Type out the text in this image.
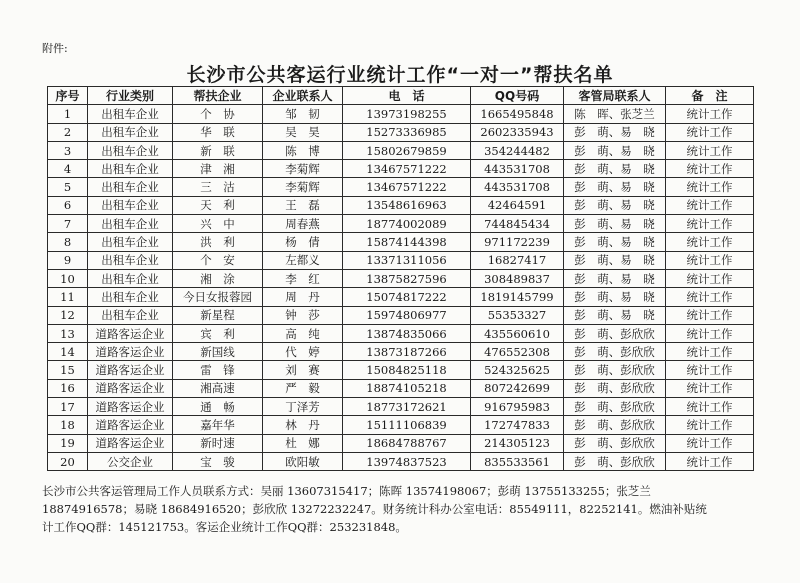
附件:
长沙市公共客运行业统计工作“一对一”帮扶名单
序号	行业类别	帮扶企业	企业联系人	电　话	QQ号码	客管局联系人	备　注
1	出租车企业	个　协	邹　韧	13973198255	1665495848	陈　晖、张芝兰	统计工作
2	出租车企业	华　联	吴　昊	15273336985	2602335943	彭　萌、易　晓	统计工作
3	出租车企业	新　联	陈　博	15802679859	354244482	彭　萌、易　晓	统计工作
4	出租车企业	津　湘	李菊辉	13467571222	443531708	彭　萌、易　晓	统计工作
5	出租车企业	三　沽	李菊辉	13467571222	443531708	彭　萌、易　晓	统计工作
6	出租车企业	天　利	王　磊	13548616963	42464591	彭　萌、易　晓	统计工作
7	出租车企业	兴　中	周春燕	18774002089	744845434	彭　萌、易　晓	统计工作
8	出租车企业	洪　利	杨　倩	15874144398	971172239	彭　萌、易　晓	统计工作
9	出租车企业	个　安	左都义	13371311056	16827417	彭　萌、易　晓	统计工作
10	出租车企业	湘　涂	李　红	13875827596	308489837	彭　萌、易　晓	统计工作
11	出租车企业	今日女报蓉园	周　丹	15074817222	1819145799	彭　萌、易　晓	统计工作
12	出租车企业	新星程	钟　莎	15974806977	55353327	彭　萌、易　晓	统计工作
13	道路客运企业	宾　利	高　纯	13874835066	435560610	彭　萌、彭欣欣	统计工作
14	道路客运企业	新国线	代　婷	13873187266	476552308	彭　萌、彭欣欣	统计工作
15	道路客运企业	雷　锋	刘　赛	15084825118	524325625	彭　萌、彭欣欣	统计工作
16	道路客运企业	湘高速	严　毅	18874105218	807242699	彭　萌、彭欣欣	统计工作
17	道路客运企业	通　畅	丁泽芳	18773172621	916795983	彭　萌、彭欣欣	统计工作
18	道路客运企业	嘉年华	林　丹	15111106839	172747833	彭　萌、彭欣欣	统计工作
19	道路客运企业	新时速	杜　娜	18684788767	214305123	彭　萌、彭欣欣	统计工作
20	公交企业	宝　骏	欧阳敏	13974837523	835533561	彭　萌、彭欣欣	统计工作

长沙市公共客运管理局工作人员联系方式：吴丽 13607315417；陈晖 13574198067；彭萌 13755133255；张芝兰

18874916578；易晓 18684916520；彭欣欣 13272232247。财务统计科办公室电话：85549111，82252141。燃油补贴统

计工作QQ群：145121753。客运企业统计工作QQ群：253231848。
